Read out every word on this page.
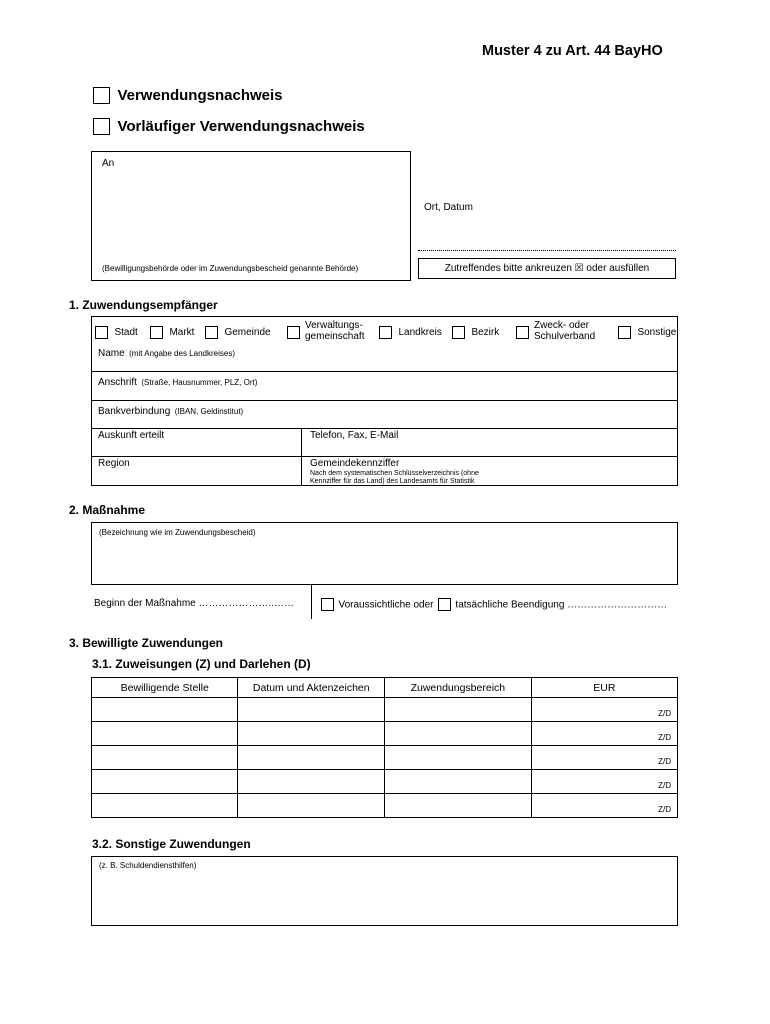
Muster 4 zu Art. 44 BayHO
Verwendungsnachweis
Vorläufiger Verwendungsnachweis
An
(Bewilligungsbehörde oder im Zuwendungsbescheid genannte Behörde)
Ort, Datum
Zutreffendes bitte ankreuzen ☒ oder ausfüllen
1. Zuwendungsempfänger
Stadt	Markt	Gemeinde
Verwaltungs-
gemeinschaft	Landkreis	Bezirk
Zweck- oder
Schulverband	Sonstige
Name (mit Angabe des Landkreises)
Anschrift (Straße, Hausnummer, PLZ, Ort)
Bankverbindung (IBAN, Geldinstitut)
Auskunft erteilt	Telefon, Fax, E-Mail
Region	Gemeindekennziffer
Nach dem systematischen Schlüsselverzeichnis (ohne
Kennziffer für das Land) des Landesamts für Statistik
2. Maßnahme
(Bezeichnung wie im Zuwendungsbescheid)
Beginn der Maßnahme …………………..……	Voraussichtliche oder tatsächliche Beendigung …………………………
3. Bewilligte Zuwendungen
3.1. Zuweisungen (Z) und Darlehen (D)
Bewilligende Stelle	Datum und Aktenzeichen	Zuwendungsbereich	EUR
			Z/D
			Z/D
			Z/D
			Z/D
			Z/D
3.2. Sonstige Zuwendungen
(z. B. Schuldendiensthilfen)
